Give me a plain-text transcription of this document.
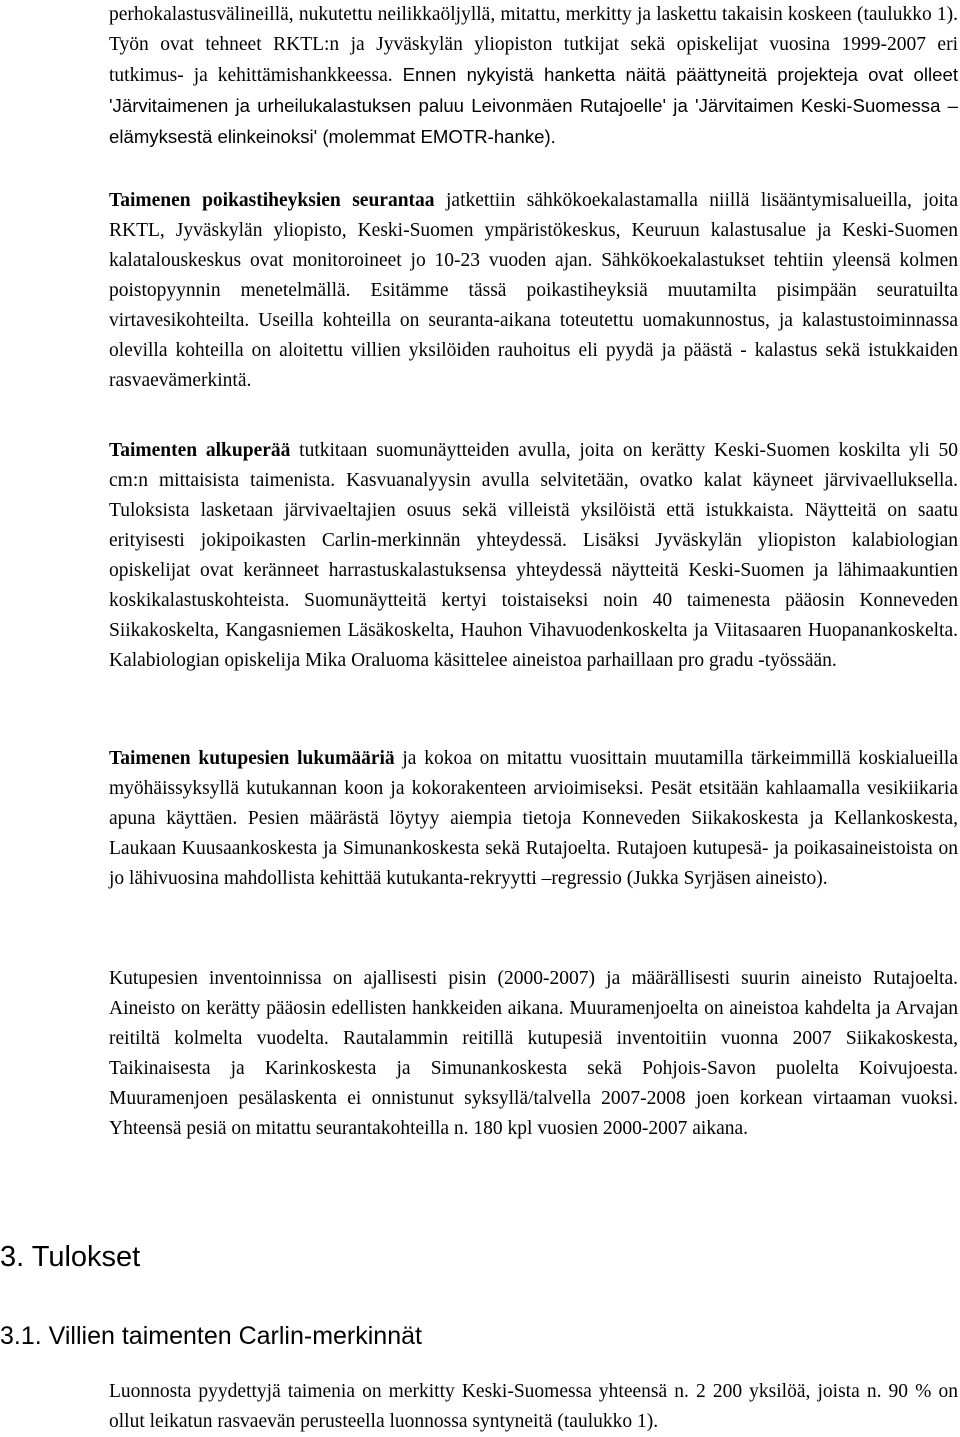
perhokalastusvälineillä, nukutettu neilikkaöljyllä, mitattu, merkitty ja laskettu takaisin koskeen (taulukko 1). Työn ovat tehneet RKTL:n ja Jyväskylän yliopiston tutkijat sekä opiskelijat vuosina 1999-2007 eri tutkimus- ja kehittämishankkeessa. Ennen nykyistä hanketta näitä päättyneitä projekteja ovat olleet 'Järvitaimenen ja urheilukalastuksen paluu Leivonmäen Rutajoelle' ja 'Järvitaimen Keski-Suomessa – elämyksestä elinkeinoksi' (molemmat EMOTR-hanke).

Taimenen poikastiheyksien seurantaa jatkettiin sähkökoekalastamalla niillä lisääntymisalueilla, joita RKTL, Jyväskylän yliopisto, Keski-Suomen ympäristökeskus, Keuruun kalastusalue ja Keski-Suomen kalatalouskeskus ovat monitoroineet jo 10-23 vuoden ajan. Sähkökoekalastukset tehtiin yleensä kolmen poistopyynnin menetelmällä. Esitämme tässä poikastiheyksiä muutamilta pisimpään seuratuilta virtavesikohteilta. Useilla kohteilla on seuranta-aikana toteutettu uomakunnostus, ja kalastustoiminnassa olevilla kohteilla on aloitettu villien yksilöiden rauhoitus eli pyydä ja päästä - kalastus sekä istukkaiden rasvaevämerkintä.

Taimenten alkuperää tutkitaan suomunäytteiden avulla, joita on kerätty Keski-Suomen koskilta yli 50 cm:n mittaisista taimenista. Kasvuanalyysin avulla selvitetään, ovatko kalat käyneet järvivaelluksella. Tuloksista lasketaan järvivaeltajien osuus sekä villeistä yksilöistä että istukkaista. Näytteitä on saatu erityisesti jokipoikasten Carlin-merkinnän yhteydessä. Lisäksi Jyväskylän yliopiston kalabiologian opiskelijat ovat keränneet harrastuskalastuksensa yhteydessä näytteitä Keski-Suomen ja lähimaakuntien koskikalastuskohteista. Suomunäytteitä kertyi toistaiseksi noin 40 taimenesta pääosin Konneveden Siikakoskelta, Kangasniemen Läsäkoskelta, Hauhon Vihavuodenkoskelta ja Viitasaaren Huopanankoskelta. Kalabiologian opiskelija Mika Oraluoma käsittelee aineistoa parhaillaan pro gradu -työssään.

Taimenen kutupesien lukumääriä ja kokoa on mitattu vuosittain muutamilla tärkeimmillä koskialueilla myöhäissyksyllä kutukannan koon ja kokorakenteen arvioimiseksi. Pesät etsitään kahlaamalla vesikiikaria apuna käyttäen. Pesien määrästä löytyy aiempia tietoja Konneveden Siikakoskesta ja Kellankoskesta, Laukaan Kuusaankoskesta ja Simunankoskesta sekä Rutajoelta. Rutajoen kutupesä- ja poikasaineistoista on jo lähivuosina mahdollista kehittää kutukanta-rekryytti –regressio (Jukka Syrjäsen aineisto).

Kutupesien inventoinnissa on ajallisesti pisin (2000-2007) ja määrällisesti suurin aineisto Rutajoelta. Aineisto on kerätty pääosin edellisten hankkeiden aikana. Muuramenjoelta on aineistoa kahdelta ja Arvajan reitiltä kolmelta vuodelta. Rautalammin reitillä kutupesiä inventoitiin vuonna 2007 Siikakoskesta, Taikinaisesta ja Karinkoskesta ja Simunankoskesta sekä Pohjois-Savon puolelta Koivujoesta. Muuramenjoen pesälaskenta ei onnistunut syksyllä/talvella 2007-2008 joen korkean virtaaman vuoksi. Yhteensä pesiä on mitattu seurantakohteilla n. 180 kpl vuosien 2000-2007 aikana.

3. Tulokset
3.1. Villien taimenten Carlin-merkinnät

Luonnosta pyydettyjä taimenia on merkitty Keski-Suomessa yhteensä n. 2 200 yksilöä, joista n. 90 % on ollut leikatun rasvaevän perusteella luonnossa syntyneitä (taulukko 1).
